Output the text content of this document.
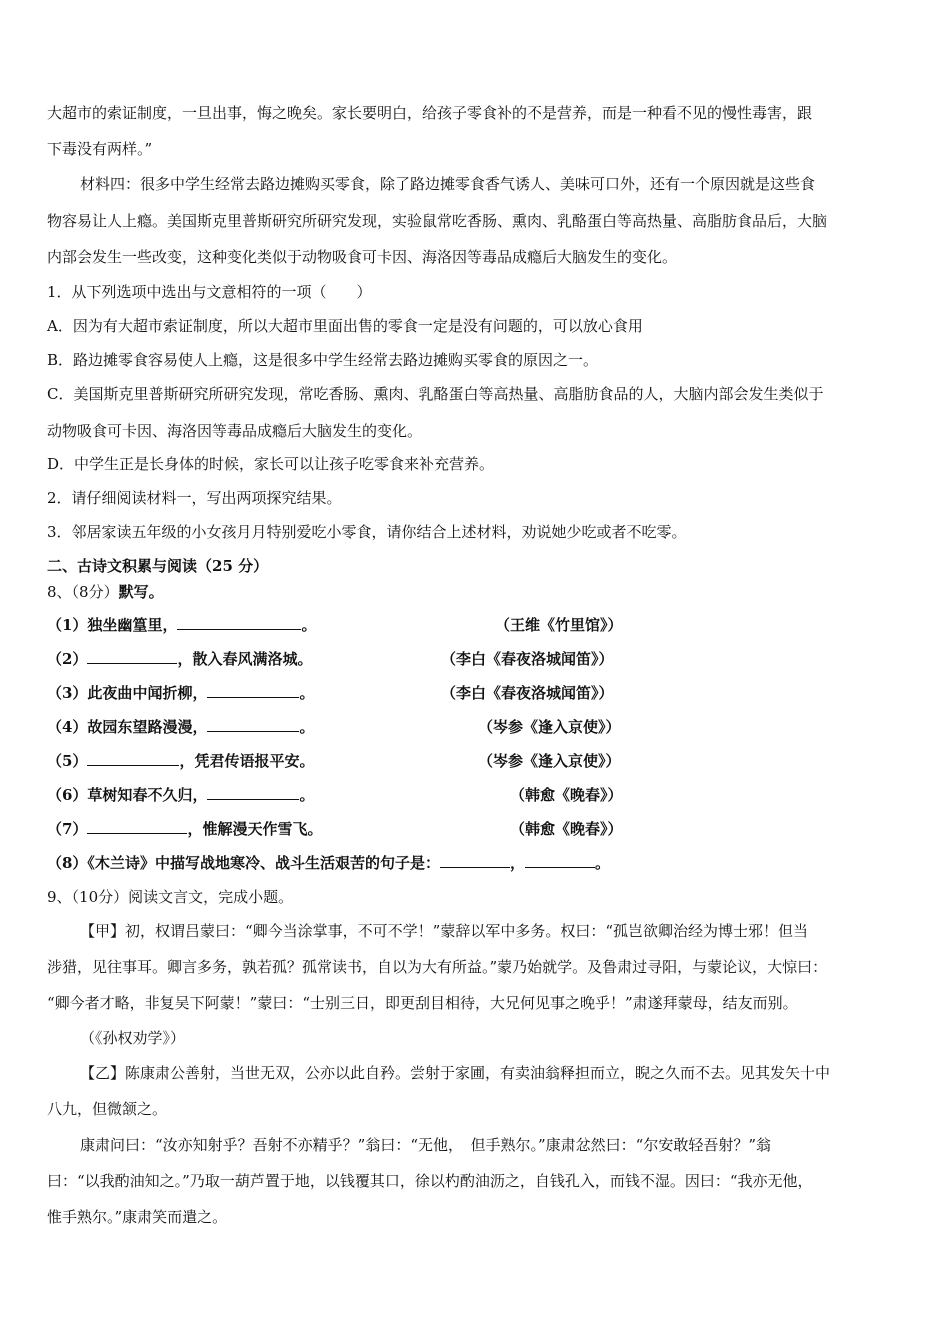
大超市的索证制度，一旦出事，悔之晚矣。家长要明白，给孩子零食补的不是营养，而是一种看不见的慢性毒害，跟
下毒没有两样。”
材料四：很多中学生经常去路边摊购买零食，除了路边摊零食香气诱人、美味可口外，还有一个原因就是这些食
物容易让人上瘾。美国斯克里普斯研究所研究发现，实验鼠常吃香肠、熏肉、乳酪蛋白等高热量、高脂肪食品后，大脑
内部会发生一些改变，这种变化类似于动物吸食可卡因、海洛因等毒品成瘾后大脑发生的变化。
1．从下列选项中选出与文意相符的一项（　　）
A．因为有大超市索证制度，所以大超市里面出售的零食一定是没有问题的，可以放心食用
B．路边摊零食容易使人上瘾，这是很多中学生经常去路边摊购买零食的原因之一。
C．美国斯克里普斯研究所研究发现，常吃香肠、熏肉、乳酪蛋白等高热量、高脂肪食品的人，大脑内部会发生类似于
动物吸食可卡因、海洛因等毒品成瘾后大脑发生的变化。
D．中学生正是长身体的时候，家长可以让孩子吃零食来补充营养。
2．请仔细阅读材料一，写出两项探究结果。
3．邻居家读五年级的小女孩月月特别爱吃小零食，请你结合上述材料，劝说她少吃或者不吃零。
二、古诗文积累与阅读（25 分）
8、（8分）默写。
（1）独坐幽篁里，	。	（王维《竹里馆》）
（2）	，散入春风满洛城。	（李白《春夜洛城闻笛》）
（3）此夜曲中闻折柳，	。	（李白《春夜洛城闻笛》）
（4）故园东望路漫漫，	。	（岑参《逢入京使》）
（5）	，凭君传语报平安。	（岑参《逢入京使》）
（6）草树知春不久归，	。	（韩愈《晚春》）
（7）	，惟解漫天作雪飞。	（韩愈《晚春》）
（8）《木兰诗》中描写战地寒冷、战斗生活艰苦的句子是：	，	。
9、（10分）阅读文言文，完成小题。
【甲】初，权谓吕蒙曰：“卿今当涂掌事，不可不学！”蒙辞以军中多务。权曰：“孤岂欲卿治经为博士邪！但当
涉猎，见往事耳。卿言多务，孰若孤？孤常读书，自以为大有所益。”蒙乃始就学。及鲁肃过寻阳，与蒙论议，大惊曰：
“卿今者才略，非复吴下阿蒙！”蒙曰：“士别三日，即更刮目相待，大兄何见事之晚乎！”肃遂拜蒙母，结友而别。
（《孙权劝学》）
【乙】陈康肃公善射，当世无双，公亦以此自矜。尝射于家圃，有卖油翁释担而立，睨之久而不去。见其发矢十中
八九，但微颔之。
康肃问曰：“汝亦知射乎？吾射不亦精乎？”翁曰：“无他，　但手熟尔。”康肃忿然曰：“尔安敢轻吾射？”翁
曰：“以我酌油知之。”乃取一葫芦置于地，以钱覆其口，徐以杓酌油沥之，自钱孔入，而钱不湿。因曰：“我亦无他，
惟手熟尔。”康肃笑而遣之。
